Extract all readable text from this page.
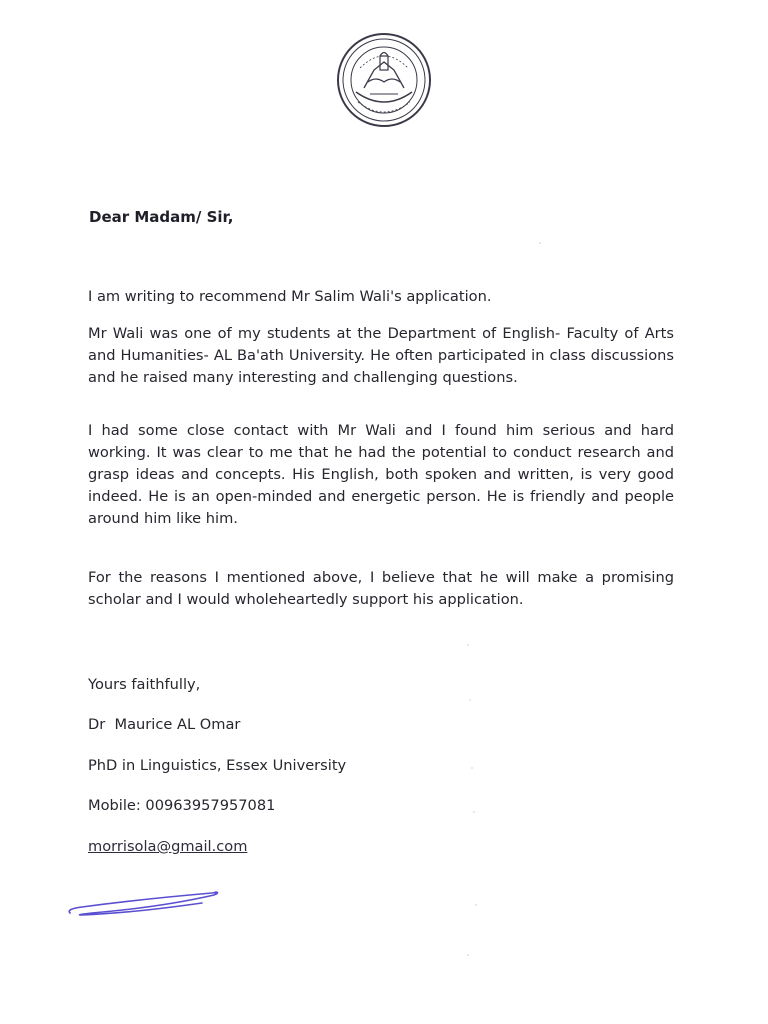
Dear Madam/ Sir,

I am writing to recommend Mr Salim Wali's application.

Mr Wali was one of my students at the Department of English- Faculty of Arts and Humanities- AL Ba'ath University. He often participated in class discussions and he raised many interesting and challenging questions.

I had some close contact with Mr Wali and I found him serious and hard working. It was clear to me that he had the potential to conduct research and grasp ideas and concepts. His English, both spoken and written, is very good indeed. He is an open-minded and energetic person. He is friendly and people around him like him.

For the reasons I mentioned above, I believe that he will make a promising scholar and I would wholeheartedly support his application.

Yours faithfully,
Dr  Maurice AL Omar
PhD in Linguistics, Essex University
Mobile: 00963957957081
morrisola@gmail.com
